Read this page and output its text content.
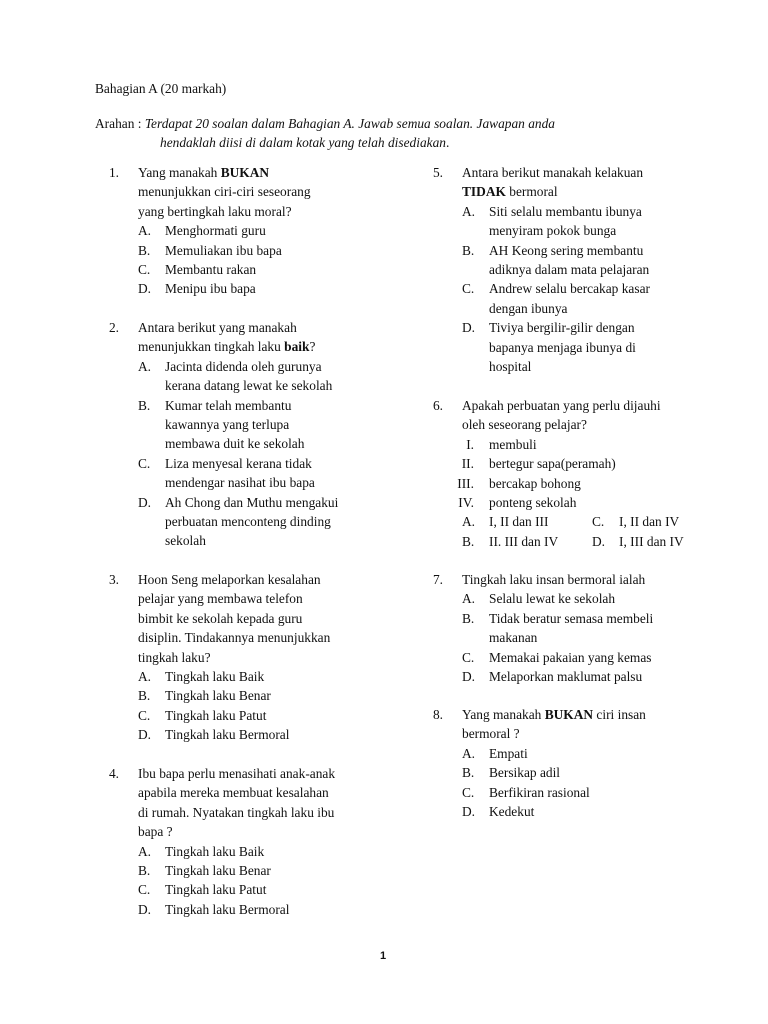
Bahagian A (20 markah)
Arahan : Terdapat 20 soalan dalam Bahagian A. Jawab semua soalan. Jawapan anda
hendaklah diisi di dalam kotak yang telah disediakan.
1. Yang manakah BUKAN
menunjukkan ciri-ciri seseorang
yang bertingkah laku moral?
A. Menghormati guru
B. Memuliakan ibu bapa
C. Membantu rakan
D. Menipu ibu bapa
2. Antara berikut yang manakah
menunjukkan tingkah laku baik?
A. Jacinta didenda oleh gurunya
kerana datang lewat ke sekolah
B. Kumar telah membantu
kawannya yang terlupa
membawa duit ke sekolah
C. Liza menyesal kerana tidak
mendengar nasihat ibu bapa
D. Ah Chong dan Muthu mengakui
perbuatan menconteng dinding
sekolah
3. Hoon Seng melaporkan kesalahan
pelajar yang membawa telefon
bimbit ke sekolah kepada guru
disiplin. Tindakannya menunjukkan
tingkah laku?
A. Tingkah laku Baik
B. Tingkah laku Benar
C. Tingkah laku Patut
D. Tingkah laku Bermoral
4. Ibu bapa perlu menasihati anak-anak
apabila mereka membuat kesalahan
di rumah. Nyatakan tingkah laku ibu
bapa ?
A. Tingkah laku Baik
B. Tingkah laku Benar
C. Tingkah laku Patut
D. Tingkah laku Bermoral
5. Antara berikut manakah kelakuan
TIDAK bermoral
A. Siti selalu membantu ibunya
menyiram pokok bunga
B. AH Keong sering membantu
adiknya dalam mata pelajaran
C. Andrew selalu bercakap kasar
dengan ibunya
D. Tiviya bergilir-gilir dengan
bapanya menjaga ibunya di
hospital
6. Apakah perbuatan yang perlu dijauhi
oleh seseorang pelajar?
I. membuli
II. bertegur sapa(peramah)
III. bercakap bohong
IV. ponteng sekolah
A. I, II dan III	C. I, II dan IV
B. II. III dan IV	D. I, III dan IV
7. Tingkah laku insan bermoral ialah
A. Selalu lewat ke sekolah
B. Tidak beratur semasa membeli
makanan
C. Memakai pakaian yang kemas
D. Melaporkan maklumat palsu
8. Yang manakah BUKAN ciri insan
bermoral ?
A. Empati
B. Bersikap adil
C. Berfikiran rasional
D. Kedekut
1
